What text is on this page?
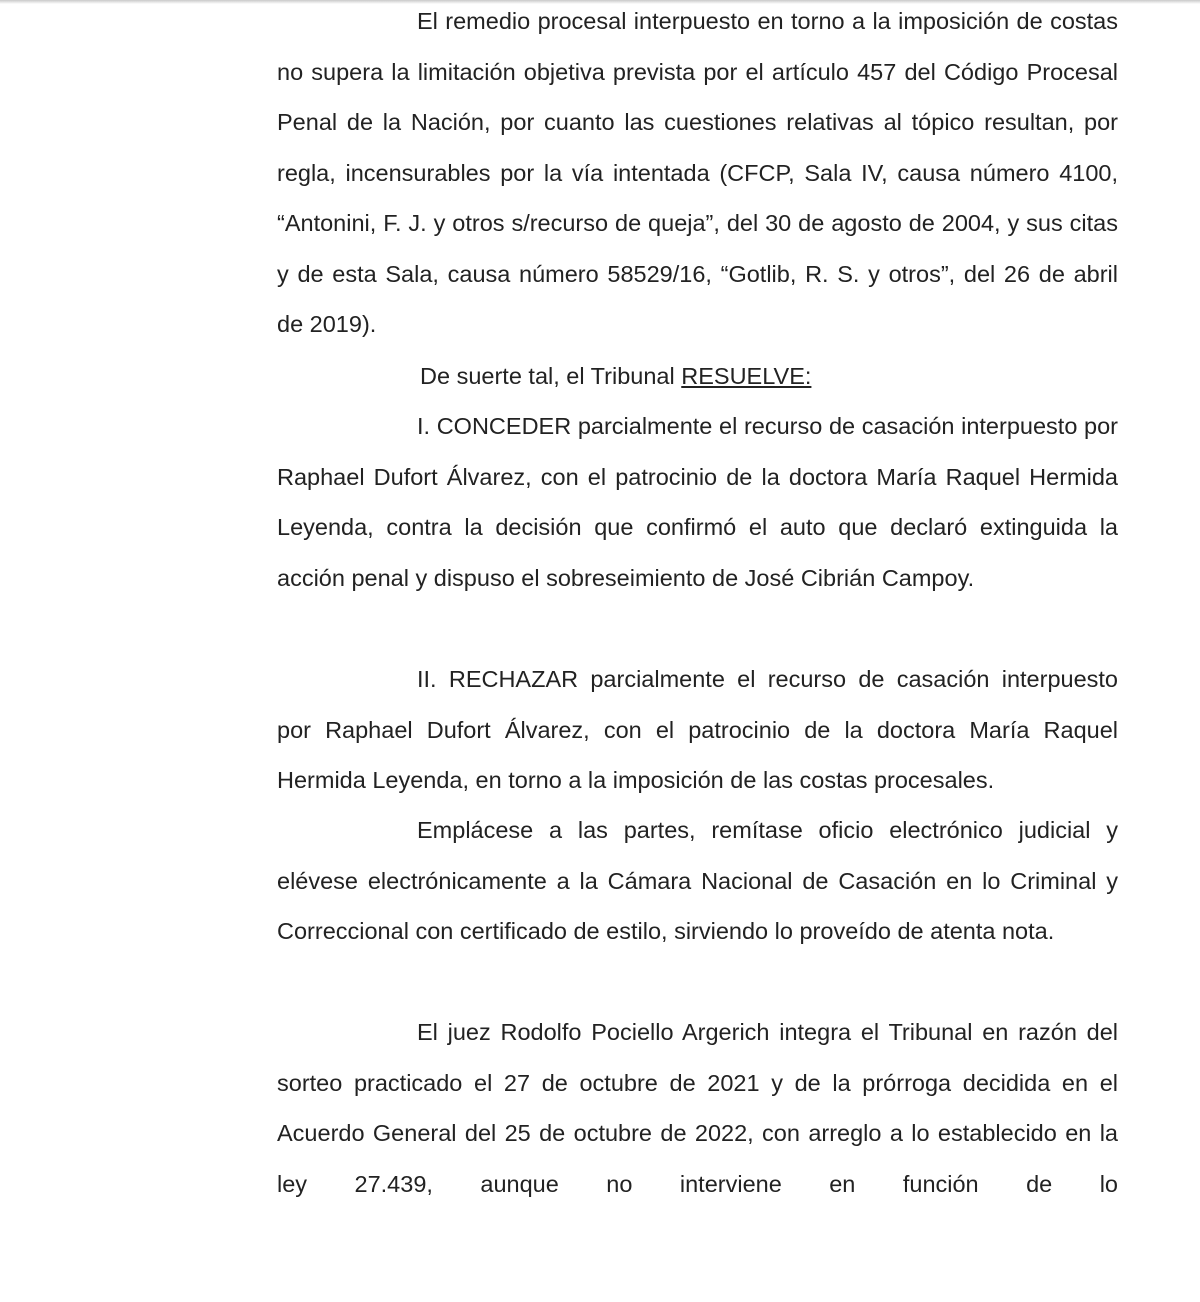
El remedio procesal interpuesto en torno a la imposición de costas no supera la limitación objetiva prevista por el artículo 457 del Código Procesal Penal de la Nación, por cuanto las cuestiones relativas al tópico resultan, por regla, incensurables por la vía intentada (CFCP, Sala IV, causa número 4100, “Antonini, F. J. y otros s/recurso de queja”, del 30 de agosto de 2004, y sus citas y de esta Sala, causa número 58529/16, “Gotlib, R. S. y otros”, del 26 de abril de 2019).

De suerte tal, el Tribunal RESUELVE:

I. CONCEDER parcialmente el recurso de casación interpuesto por Raphael Dufort Álvarez, con el patrocinio de la doctora María Raquel Hermida Leyenda, contra la decisión que confirmó el auto que declaró extinguida la acción penal y dispuso el sobreseimiento de José Cibrián Campoy.

II. RECHAZAR parcialmente el recurso de casación interpuesto por Raphael Dufort Álvarez, con el patrocinio de la doctora María Raquel Hermida Leyenda, en torno a la imposición de las costas procesales.

Emplácese a las partes, remítase oficio electrónico judicial y elévese electrónicamente a la Cámara Nacional de Casación en lo Criminal y Correccional con certificado de estilo, sirviendo lo proveído de atenta nota.

El juez Rodolfo Pociello Argerich integra el Tribunal en razón del sorteo practicado el 27 de octubre de 2021 y de la prórroga decidida en el Acuerdo General del 25 de octubre de 2022, con arreglo a lo establecido en la ley 27.439, aunque no interviene en función de lo
